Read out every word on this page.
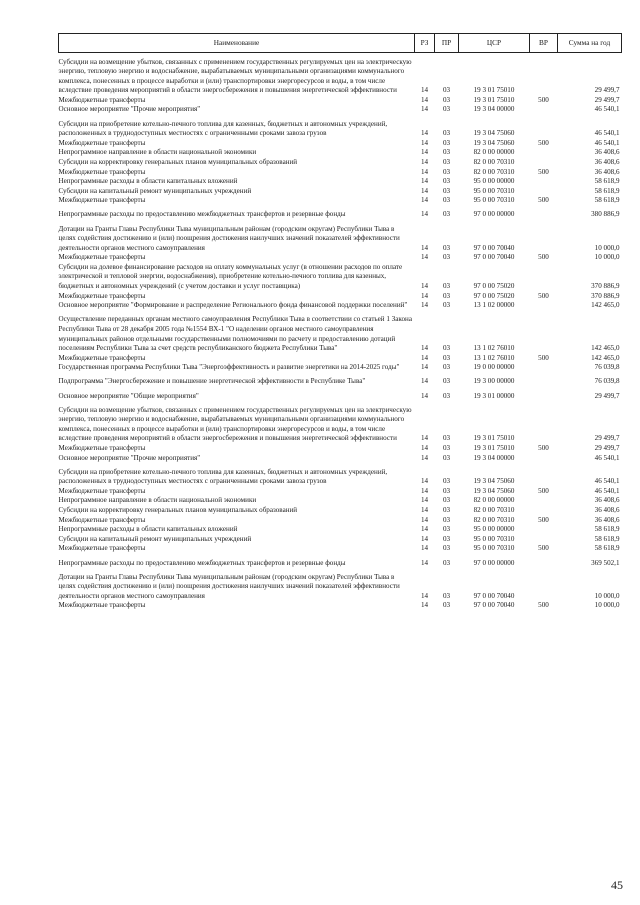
Наименование	РЗ	ПР	ЦСР	ВР	Сумма на год

Субсидии на возмещение убытков, связанных с применением государственных регулируемых цен на электрическую энергию, тепловую энергию и водоснабжение, вырабатываемых муниципальными организациями коммунального комплекса, понесенных в процессе выработки и (или) транспортировки энергоресурсов и воды, в том числе вследствие проведения мероприятий в области энергосбережения и повышения энергетической эффективности	14	03	19 3 01 75010		29 499,7
Межбюджетные трансферты	14	03	19 3 01 75010	500	29 499,7
Основное мероприятие "Прочие мероприятия"	14	03	19 3 04 00000		46 540,1

Субсидии на приобретение котельно-печного топлива для казенных, бюджетных и автономных учреждений, расположенных в труднодоступных местностях с ограниченными сроками завоза грузов	14	03	19 3 04 75060		46 540,1
Межбюджетные трансферты	14	03	19 3 04 75060	500	46 540,1
Непрограммное направление в области национальной экономики	14	03	82 0 00 00000		36 408,6
Субсидии на корректировку генеральных планов муниципальных образований	14	03	82 0 00 70310		36 408,6
Межбюджетные трансферты	14	03	82 0 00 70310	500	36 408,6
Непрограммные расходы в области капитальных вложений	14	03	95 0 00 00000		58 618,9
Субсидии на капитальный ремонт муниципальных учреждений	14	03	95 0 00 70310		58 618,9
Межбюджетные трансферты	14	03	95 0 00 70310	500	58 618,9

Непрограммные расходы по предоставлению межбюджетных трансфертов и резервные фонды	14	03	97 0 00 00000		380 886,9

Дотации на Гранты Главы Республики Тыва муниципальным районам (городским округам) Республики Тыва в целях содействия достижению и (или) поощрения достижения наилучших значений показателей эффективности деятельности органов местного самоуправления	14	03	97 0 00 70040		10 000,0
Межбюджетные трансферты	14	03	97 0 00 70040	500	10 000,0
Субсидии на долевое финансирование расходов на оплату коммунальных услуг (в отношении расходов по оплате электрической и тепловой энергии, водоснабжения), приобретение котельно-печного топлива для казенных, бюджетных и автономных учреждений (с учетом доставки и услуг поставщика)	14	03	97 0 00 75020		370 886,9
Межбюджетные трансферты	14	03	97 0 00 75020	500	370 886,9
Основное мероприятие "Формирование и распределение Регионального фонда финансовой поддержки поселений"	14	03	13 1 02 00000		142 465,0

Осуществление переданных органам местного самоуправления Республики Тыва в соответствии со статьей 1 Закона Республики Тыва от 28 декабря 2005 года №1554 ВХ-1 "О наделении органов местного самоуправления муниципальных районов отдельными государственными полномочиями по расчету и предоставлению дотаций поселениям Республики Тыва за счет средств республиканского бюджета Республики Тыва"	14	03	13 1 02 76010		142 465,0
Межбюджетные трансферты	14	03	13 1 02 76010	500	142 465,0
Государственная программа Республики Тыва "Энергоэффективность и развитие энергетики на 2014-2025 годы"	14	03	19 0 00 00000		76 039,8

Подпрограмма "Энергосбережение и повышение энергетической эффективности в Республике Тыва"	14	03	19 3 00 00000		76 039,8

Основное мероприятие "Общие мероприятия"	14	03	19 3 01 00000		29 499,7

Субсидии на возмещение убытков, связанных с применением государственных регулируемых цен на электрическую энергию, тепловую энергию и водоснабжение, вырабатываемых муниципальными организациями коммунального комплекса, понесенных в процессе выработки и (или) транспортировки энергоресурсов и воды, в том числе вследствие проведения мероприятий в области энергосбережения и повышения энергетической эффективности	14	03	19 3 01 75010		29 499,7
Межбюджетные трансферты	14	03	19 3 01 75010	500	29 499,7
Основное мероприятие "Прочие мероприятия"	14	03	19 3 04 00000		46 540,1

Субсидии на приобретение котельно-печного топлива для казенных, бюджетных и автономных учреждений, расположенных в труднодоступных местностях с ограниченными сроками завоза грузов	14	03	19 3 04 75060		46 540,1
Межбюджетные трансферты	14	03	19 3 04 75060	500	46 540,1
Непрограммное направление в области национальной экономики	14	03	82 0 00 00000		36 408,6
Субсидии на корректировку генеральных планов муниципальных образований	14	03	82 0 00 70310		36 408,6
Межбюджетные трансферты	14	03	82 0 00 70310	500	36 408,6
Непрограммные расходы в области капитальных вложений	14	03	95 0 00 00000		58 618,9
Субсидии на капитальный ремонт муниципальных учреждений	14	03	95 0 00 70310		58 618,9
Межбюджетные трансферты	14	03	95 0 00 70310	500	58 618,9

Непрограммные расходы по предоставлению межбюджетных трансфертов и резервные фонды	14	03	97 0 00 00000		369 502,1

Дотации на Гранты Главы Республики Тыва муниципальным районам (городским округам) Республики Тыва в целях содействия достижению и (или) поощрения достижения наилучших значений показателей эффективности деятельности органов местного самоуправления	14	03	97 0 00 70040		10 000,0
Межбюджетные трансферты	14	03	97 0 00 70040	500	10 000,0
45
